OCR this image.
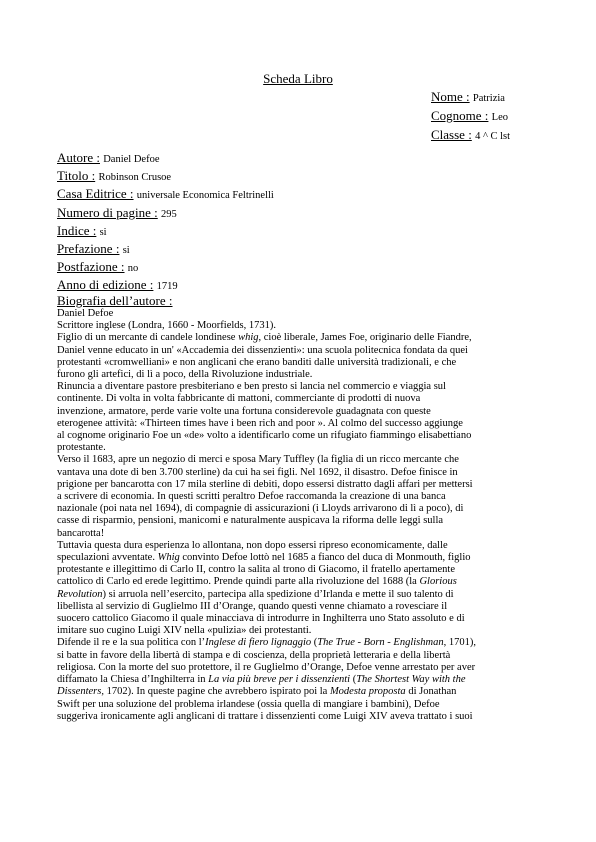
Scheda Libro
Nome : Patrizia
Cognome : Leo
Classe : 4 ^ C lst
Autore : Daniel Defoe
Titolo : Robinson Crusoe
Casa Editrice : universale Economica Feltrinelli
Numero di pagine : 295
Indice : si
Prefazione : si
Postfazione : no
Anno di edizione : 1719
Biografia dell’autore :
Daniel Defoe
Scrittore inglese (Londra, 1660 - Moorfields, 1731).
Figlio di un mercante di candele londinese whig, cioè liberale, James Foe, originario delle Fiandre,
Daniel venne educato in un' «Accademia dei dissenzienti»: una scuola politecnica fondata da quei
protestanti «cromwelliani» e non anglicani che erano banditi dalle università tradizionali, e che
furono gli artefici, di lì a poco, della Rivoluzione industriale.
Rinuncia a diventare pastore presbiteriano e ben presto si lancia nel commercio e viaggia sul
continente. Di volta in volta fabbricante di mattoni, commerciante di prodotti di nuova
invenzione, armatore, perde varie volte una fortuna considerevole guadagnata con queste
eterogenee attività: «Thirteen times have i been rich and poor ». Al colmo del successo aggiunge
al cognome originario Foe un «de» volto a identificarlo come un rifugiato fiammingo elisabettiano
protestante.
Verso il 1683, apre un negozio di merci e sposa Mary Tuffley (la figlia di un ricco mercante che
vantava una dote di ben 3.700 sterline) da cui ha sei figli. Nel 1692, il disastro. Defoe finisce in
prigione per bancarotta con 17 mila sterline di debiti, dopo essersi distratto dagli affari per mettersi
a scrivere di economia. In questi scritti peraltro Defoe raccomanda la creazione di una banca
nazionale (poi nata nel 1694), di compagnie di assicurazioni (i Lloyds arrivarono di lì a poco), di
casse di risparmio, pensioni, manicomi e naturalmente auspicava la riforma delle leggi sulla
bancarotta!
Tuttavia questa dura esperienza lo allontana, non dopo essersi ripreso economicamente, dalle
speculazioni avventate. Whig convinto Defoe lottò nel 1685 a fianco del duca di Monmouth, figlio
protestante e illegittimo di Carlo II, contro la salita al trono di Giacomo, il fratello apertamente
cattolico di Carlo ed erede legittimo. Prende quindi parte alla rivoluzione del 1688 (la Glorious
Revolution) si arruola nell’esercito, partecipa alla spedizione d’Irlanda e mette il suo talento di
libellista al servizio di Guglielmo III d’Orange, quando questi venne chiamato a rovesciare il
suocero cattolico Giacomo il quale minacciava di introdurre in Inghilterra uno Stato assoluto e di
imitare suo cugino Luigi XIV nella «pulizia» dei protestanti.
Difende il re e la sua politica con l’Inglese di fiero lignaggio (The True - Born - Englishman, 1701),
si batte in favore della libertà di stampa e di coscienza, della proprietà letteraria e della libertà
religiosa. Con la morte del suo protettore, il re Guglielmo d’Orange, Defoe venne arrestato per aver
diffamato la Chiesa d’Inghilterra in La via più breve per i dissenzienti (The Shortest Way with the
Dissenters, 1702). In queste pagine che avrebbero ispirato poi la Modesta proposta di Jonathan
Swift per una soluzione del problema irlandese (ossia quella di mangiare i bambini), Defoe
suggeriva ironicamente agli anglicani di trattare i dissenzienti come Luigi XIV aveva trattato i suoi
